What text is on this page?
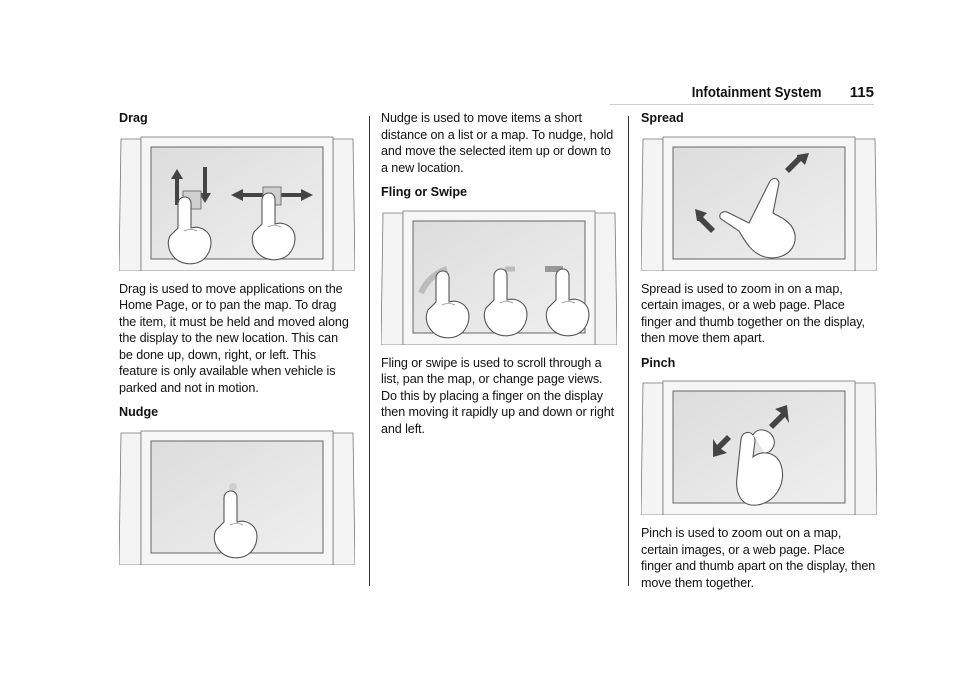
Infotainment System 115
Drag
Drag is used to move applications on the Home Page, or to pan the map. To drag the item, it must be held and moved along the display to the new location. This can be done up, down, right, or left. This feature is only available when vehicle is parked and not in motion.
Nudge
Nudge is used to move items a short distance on a list or a map. To nudge, hold and move the selected item up or down to a new location.
Fling or Swipe
Fling or swipe is used to scroll through a list, pan the map, or change page views. Do this by placing a finger on the display then moving it rapidly up and down or right and left.
Spread
Spread is used to zoom in on a map, certain images, or a web page. Place finger and thumb together on the display, then move them apart.
Pinch
Pinch is used to zoom out on a map, certain images, or a web page. Place finger and thumb apart on the display, then move them together.
